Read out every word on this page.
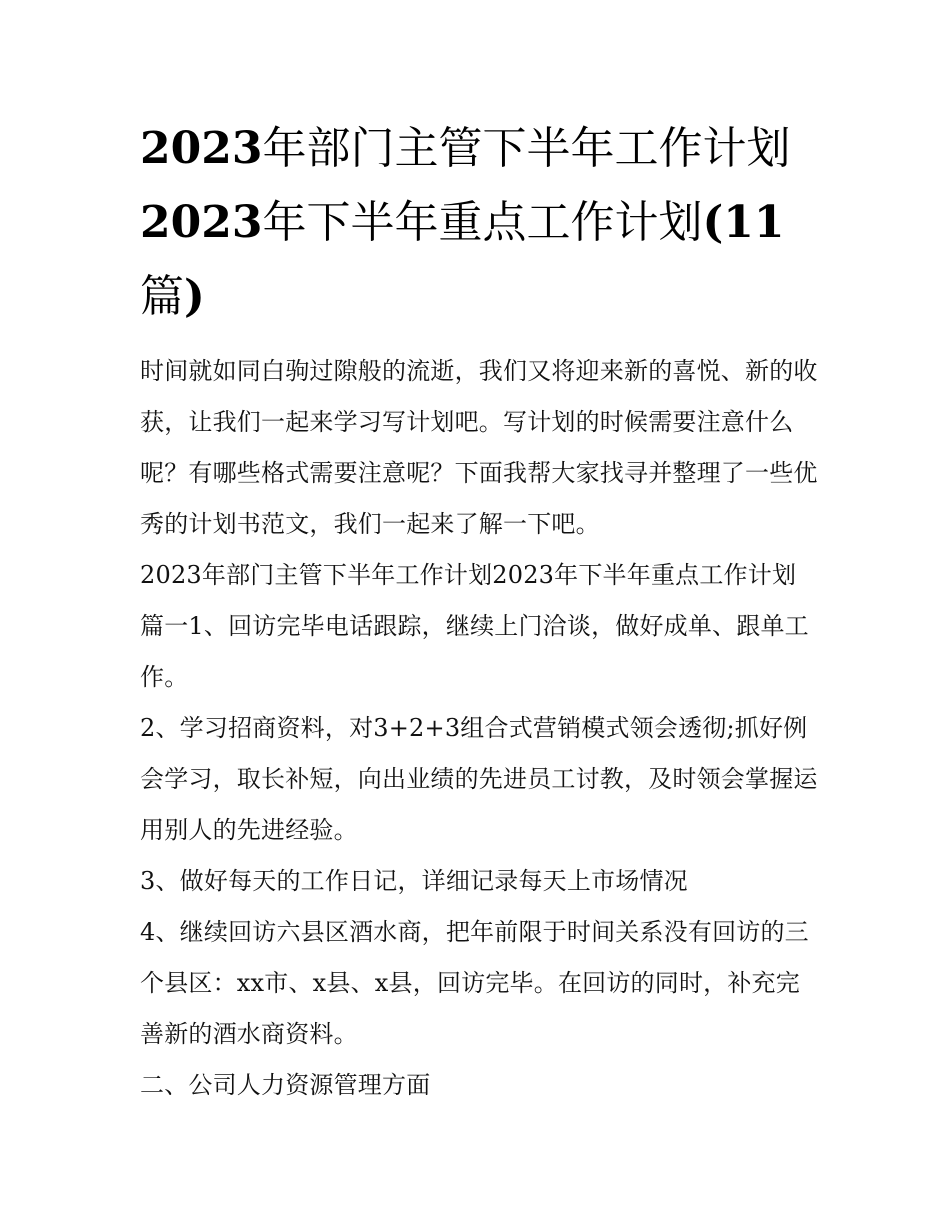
2023年部门主管下半年工作计划2023年下半年重点工作计划(11篇)

时间就如同白驹过隙般的流逝，我们又将迎来新的喜悦、新的收获，让我们一起来学习写计划吧。写计划的时候需要注意什么呢？有哪些格式需要注意呢？下面我帮大家找寻并整理了一些优秀的计划书范文，我们一起来了解一下吧。

2023年部门主管下半年工作计划2023年下半年重点工作计划篇一1、回访完毕电话跟踪，继续上门洽谈，做好成单、跟单工作。

2、学习招商资料，对3+2+3组合式营销模式领会透彻;抓好例会学习，取长补短，向出业绩的先进员工讨教，及时领会掌握运用别人的先进经验。

3、做好每天的工作日记，详细记录每天上市场情况

4、继续回访六县区酒水商，把年前限于时间关系没有回访的三个县区：xx市、x县、x县，回访完毕。在回访的同时，补充完善新的酒水商资料。

二、公司人力资源管理方面
